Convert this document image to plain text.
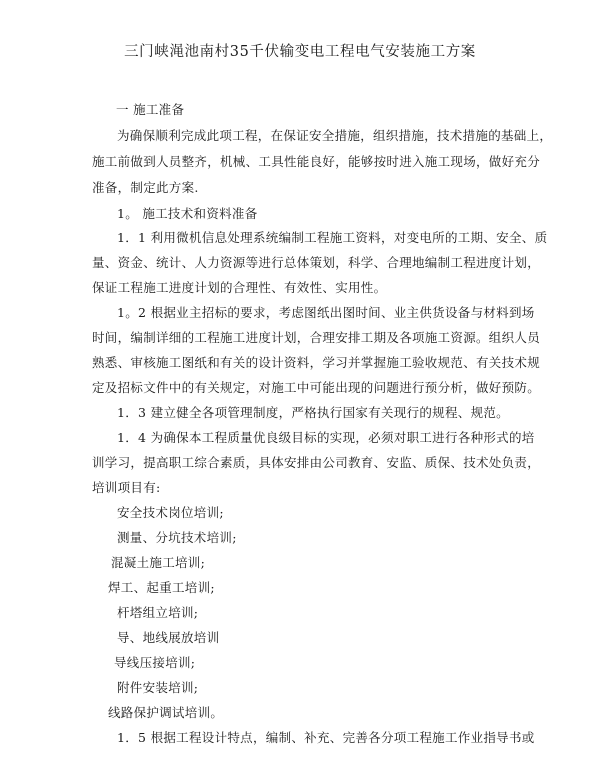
三门峡渑池南村35千伏输变电工程电气安装施工方案
一 施工准备
为确保顺利完成此项工程，在保证安全措施，组织措施，技术措施的基础上，
施工前做到人员整齐，机械、工具性能良好，能够按时进入施工现场，做好充分
准备，制定此方案.
1。 施工技术和资料准备
1．1 利用微机信息处理系统编制工程施工资料，对变电所的工期、安全、质
量、资金、统计、人力资源等进行总体策划，科学、合理地编制工程进度计划，
保证工程施工进度计划的合理性、有效性、实用性。
1。2 根据业主招标的要求，考虑图纸出图时间、业主供货设备与材料到场
时间，编制详细的工程施工进度计划，合理安排工期及各项施工资源。组织人员
熟悉、审核施工图纸和有关的设计资料，学习并掌握施工验收规范、有关技术规
定及招标文件中的有关规定，对施工中可能出现的问题进行预分析，做好预防。
1．3 建立健全各项管理制度，严格执行国家有关现行的规程、规范。
1．4 为确保本工程质量优良级目标的实现，必须对职工进行各种形式的培
训学习，提高职工综合素质，具体安排由公司教育、安监、质保、技术处负责，
培训项目有:
安全技术岗位培训;
测量、分坑技术培训;
混凝土施工培训;
焊工、起重工培训;
杆塔组立培训;
导、地线展放培训
导线压接培训;
附件安装培训;
线路保护调试培训。
1．5 根据工程设计特点，编制、补充、完善各分项工程施工作业指导书或
